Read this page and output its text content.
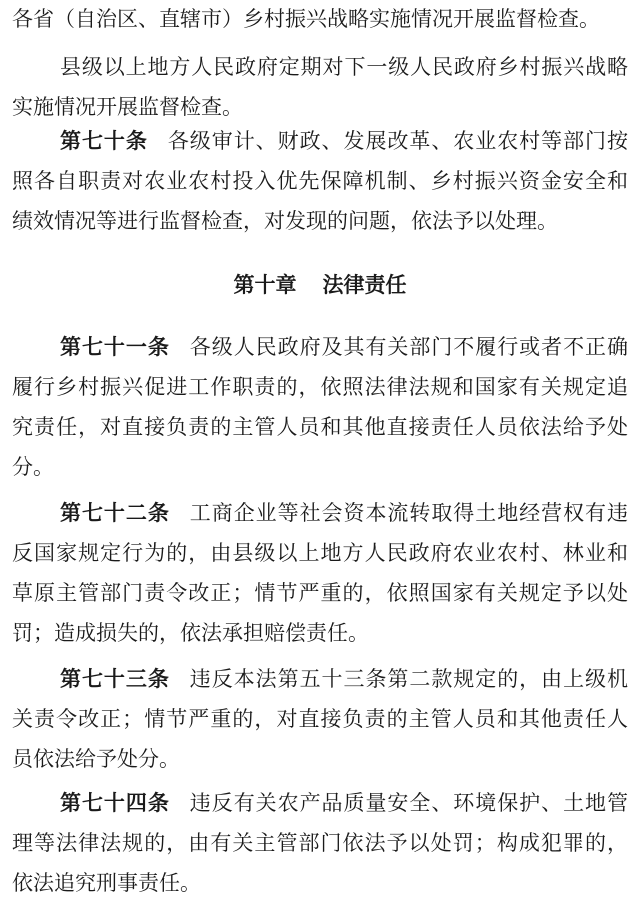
各省（自治区、直辖市）乡村振兴战略实施情况开展监督检查。
县级以上地方人民政府定期对下一级人民政府乡村振兴战略
实施情况开展监督检查。
第七十条 各级审计、财政、发展改革、农业农村等部门按
照各自职责对农业农村投入优先保障机制、乡村振兴资金安全和
绩效情况等进行监督检查，对发现的问题，依法予以处理。
第十章 法律责任
第七十一条 各级人民政府及其有关部门不履行或者不正确
履行乡村振兴促进工作职责的，依照法律法规和国家有关规定追
究责任，对直接负责的主管人员和其他直接责任人员依法给予处
分。
第七十二条 工商企业等社会资本流转取得土地经营权有违
反国家规定行为的，由县级以上地方人民政府农业农村、林业和
草原主管部门责令改正；情节严重的，依照国家有关规定予以处
罚；造成损失的，依法承担赔偿责任。
第七十三条 违反本法第五十三条第二款规定的，由上级机
关责令改正；情节严重的，对直接负责的主管人员和其他责任人
员依法给予处分。
第七十四条 违反有关农产品质量安全、环境保护、土地管
理等法律法规的，由有关主管部门依法予以处罚；构成犯罪的，
依法追究刑事责任。
